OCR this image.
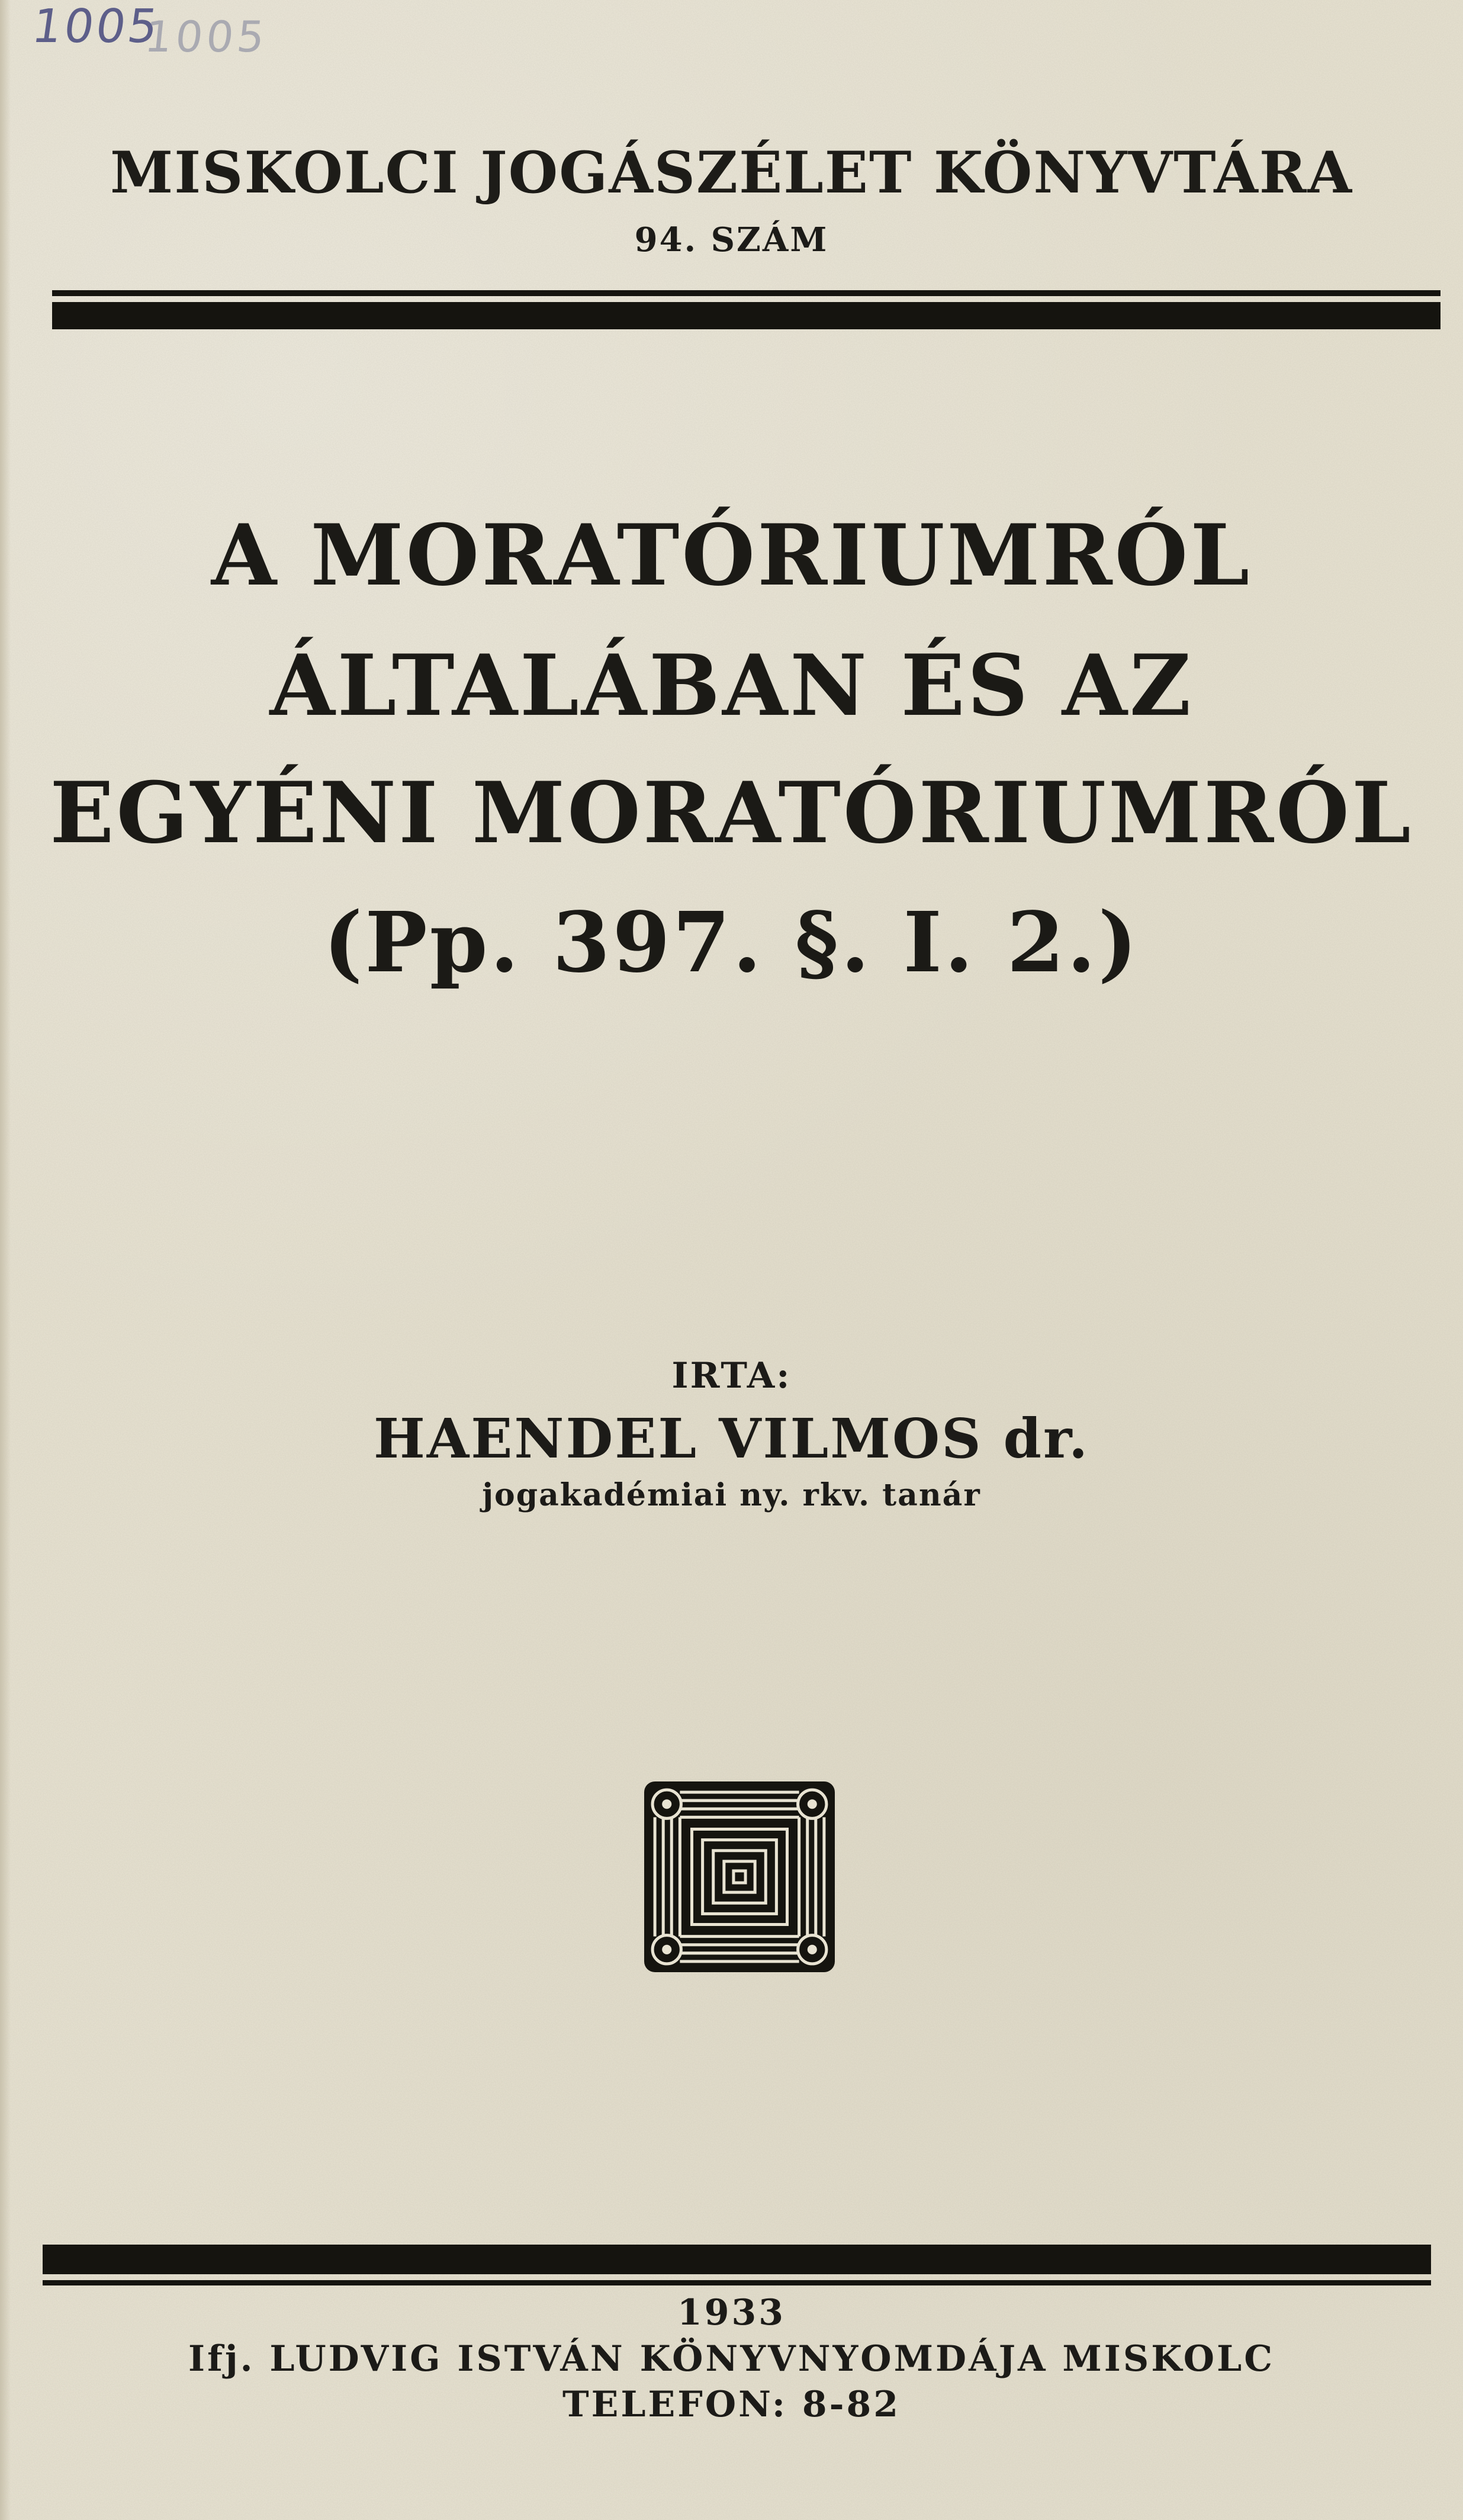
1005
1005
MISKOLCI JOGÁSZÉLET KÖNYVTÁRA
94. SZÁM
A MORATÓRIUMRÓL
ÁLTALÁBAN ÉS AZ
EGYÉNI MORATÓRIUMRÓL
(Pp. 397. §. I. 2.)
IRTA:
HAENDEL VILMOS dr.
jogakadémiai ny. rkv. tanár
1933
Ifj. LUDVIG ISTVÁN KÖNYVNYOMDÁJA MISKOLC
TELEFON: 8-82
